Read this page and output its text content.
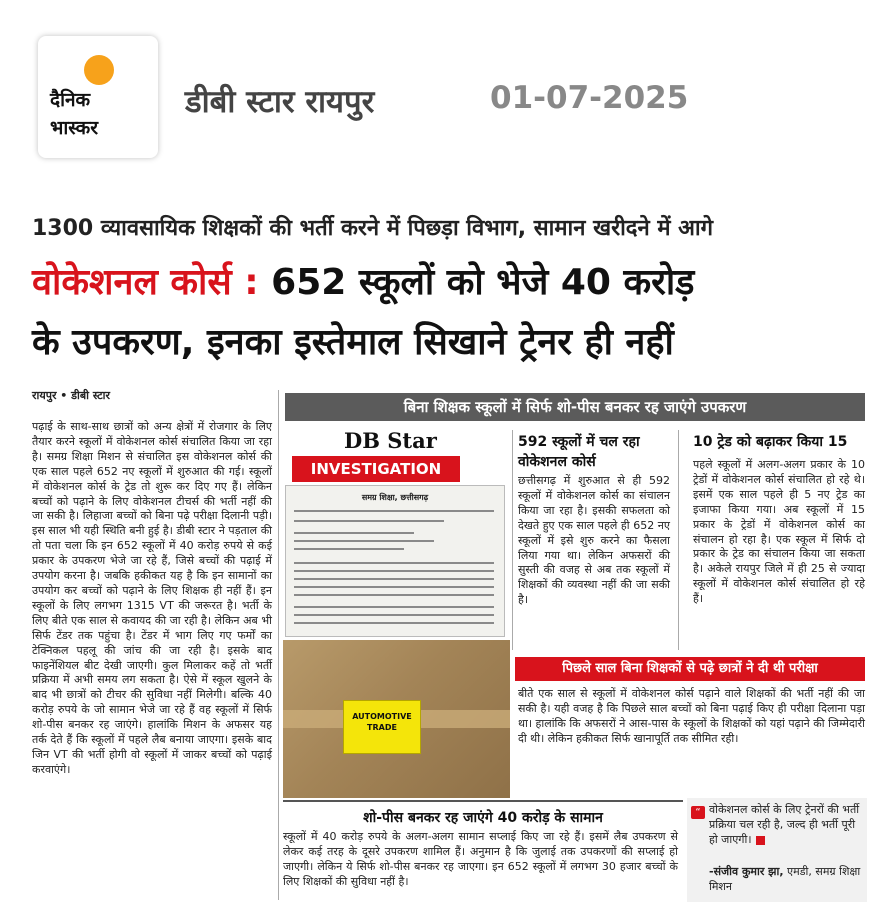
दैनिक
भास्कर
डीबी स्टार रायपुर	01-07-2025
1300 व्यावसायिक शिक्षकों की भर्ती करने में पिछड़ा विभाग, सामान खरीदने में आगे
वोकेशनल कोर्स : 652 स्कूलों को भेजे 40 करोड़
के उपकरण, इनका इस्तेमाल सिखाने ट्रेनर ही नहीं
रायपुर • डीबी स्टार
पढ़ाई के साथ-साथ छात्रों को अन्य क्षेत्रों में रोजगार के लिए तैयार करने स्कूलों में वोकेशनल कोर्स संचालित किया जा रहा है। समग्र शिक्षा मिशन से संचालित इस वोकेशनल कोर्स की एक साल पहले 652 नए स्कूलों में शुरुआत की गई। स्कूलों में वोकेशनल कोर्स के ट्रेड तो शुरू कर दिए गए हैं। लेकिन बच्चों को पढ़ाने के लिए वोकेशनल टीचर्स की भर्ती नहीं की जा सकी है। लिहाजा बच्चों को बिना पढ़े परीक्षा दिलानी पड़ी। इस साल भी यही स्थिति बनी हुई है। डीबी स्टार ने पड़ताल की तो पता चला कि इन 652 स्कूलों में 40 करोड़ रुपये से कई प्रकार के उपकरण भेजे जा रहे हैं, जिसे बच्चों की पढ़ाई में उपयोग करना है। जबकि हकीकत यह है कि इन सामानों का उपयोग कर बच्चों को पढ़ाने के लिए शिक्षक ही नहीं हैं। इन स्कूलों के लिए लगभग 1315 VT की जरूरत है। भर्ती के लिए बीते एक साल से कवायद की जा रही है। लेकिन अब भी सिर्फ टेंडर तक पहुंचा है। टेंडर में भाग लिए गए फर्मों का टेक्निकल पहलू की जांच की जा रही है। इसके बाद फाइनेंशियल बीट देखी जाएगी। कुल मिलाकर कहें तो भर्ती प्रक्रिया में अभी समय लग सकता है। ऐसे में स्कूल खुलने के बाद भी छात्रों को टीचर की सुविधा नहीं मिलेगी। बल्कि 40 करोड़ रुपये के जो सामान भेजे जा रहे हैं वह स्कूलों में सिर्फ शो-पीस बनकर रह जाएंगे। हालांकि मिशन के अफसर यह तर्क देते हैं कि स्कूलों में पहले लैब बनाया जाएगा। इसके बाद जिन VT की भर्ती होगी वो स्कूलों में जाकर बच्चों को पढ़ाई करवाएंगे।
बिना शिक्षक स्कूलों में सिर्फ शो-पीस बनकर रह जाएंगे उपकरण
DB Star
INVESTIGATION
समग्र शिक्षा, छत्तीसगढ़
AUTOMOTIVE TRADE
592 स्कूलों में चल रहा वोकेशनल कोर्स
छत्तीसगढ़ में शुरुआत से ही 592 स्कूलों में वोकेशनल कोर्स का संचालन किया जा रहा है। इसकी सफलता को देखते हुए एक साल पहले ही 652 नए स्कूलों में इसे शुरु करने का फैसला लिया गया था। लेकिन अफसरों की सुस्ती की वजह से अब तक स्कूलों में शिक्षकों की व्यवस्था नहीं की जा सकी है।
10 ट्रेड को बढ़ाकर किया 15
पहले स्कूलों में अलग-अलग प्रकार के 10 ट्रेडों में वोकेशनल कोर्स संचालित हो रहे थे। इसमें एक साल पहले ही 5 नए ट्रेड का इजाफा किया गया। अब स्कूलों में 15 प्रकार के ट्रेडों में वोकेशनल कोर्स का संचालन हो रहा है। एक स्कूल में सिर्फ दो प्रकार के ट्रेड का संचालन किया जा सकता है। अकेले रायपुर जिले में ही 25 से ज्यादा स्कूलों में वोकेशनल कोर्स संचालित हो रहे हैं।
पिछले साल बिना शिक्षकों से पढ़े छात्रों ने दी थी परीक्षा
बीते एक साल से स्कूलों में वोकेशनल कोर्स पढ़ाने वाले शिक्षकों की भर्ती नहीं की जा सकी है। यही वजह है कि पिछले साल बच्चों को बिना पढ़ाई किए ही परीक्षा दिलाना पड़ा था। हालांकि कि अफसरों ने आस-पास के स्कूलों के शिक्षकों को यहां पढ़ाने की जिम्मेदारी दी थी। लेकिन हकीकत सिर्फ खानापूर्ति तक सीमित रही।
शो-पीस बनकर रह जाएंगे 40 करोड़ के सामान
स्कूलों में 40 करोड़ रुपये के अलग-अलग सामान सप्लाई किए जा रहे हैं। इसमें लैब उपकरण से लेकर कई तरह के दूसरे उपकरण शामिल हैं। अनुमान है कि जुलाई तक उपकरणों की सप्लाई हो जाएगी। लेकिन ये सिर्फ शो-पीस बनकर रह जाएगा। इन 652 स्कूलों में लगभग 30 हजार बच्चों के लिए शिक्षकों की सुविधा नहीं है।
“ वोकेशनल कोर्स के लिए ट्रेनरों की भर्ती प्रक्रिया चल रही है, जल्द ही भर्ती पूरी हो जाएगी।
-संजीव कुमार झा, एमडी, समग्र शिक्षा मिशन
